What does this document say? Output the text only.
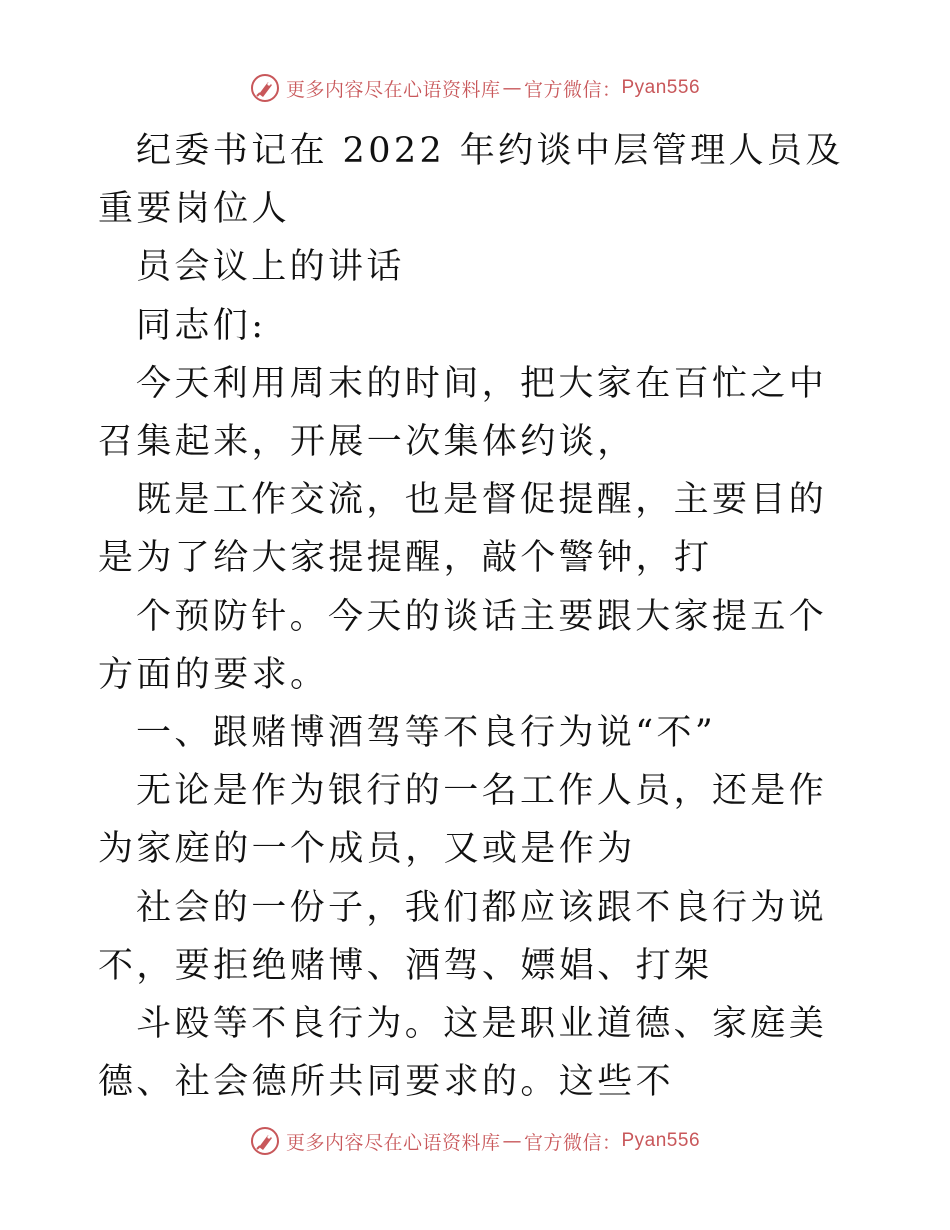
更多内容尽在心语资料库 — 官方微信： Pyan556

纪委书记在 2022 年约谈中层管理人员及重要岗位人

员会议上的讲话

同志们:

今天利用周末的时间，把大家在百忙之中召集起来，开展一次集体约谈，

既是工作交流，也是督促提醒，主要目的是为了给大家提提醒，敲个警钟，打

个预防针。今天的谈话主要跟大家提五个方面的要求。

一、跟赌博酒驾等不良行为说“不”

无论是作为银行的一名工作人员，还是作为家庭的一个成员，又或是作为

社会的一份子，我们都应该跟不良行为说不，要拒绝赌博、酒驾、嫖娼、打架

斗殴等不良行为。这是职业道德、家庭美德、社会德所共同要求的。这些不

更多内容尽在心语资料库 — 官方微信： Pyan556
